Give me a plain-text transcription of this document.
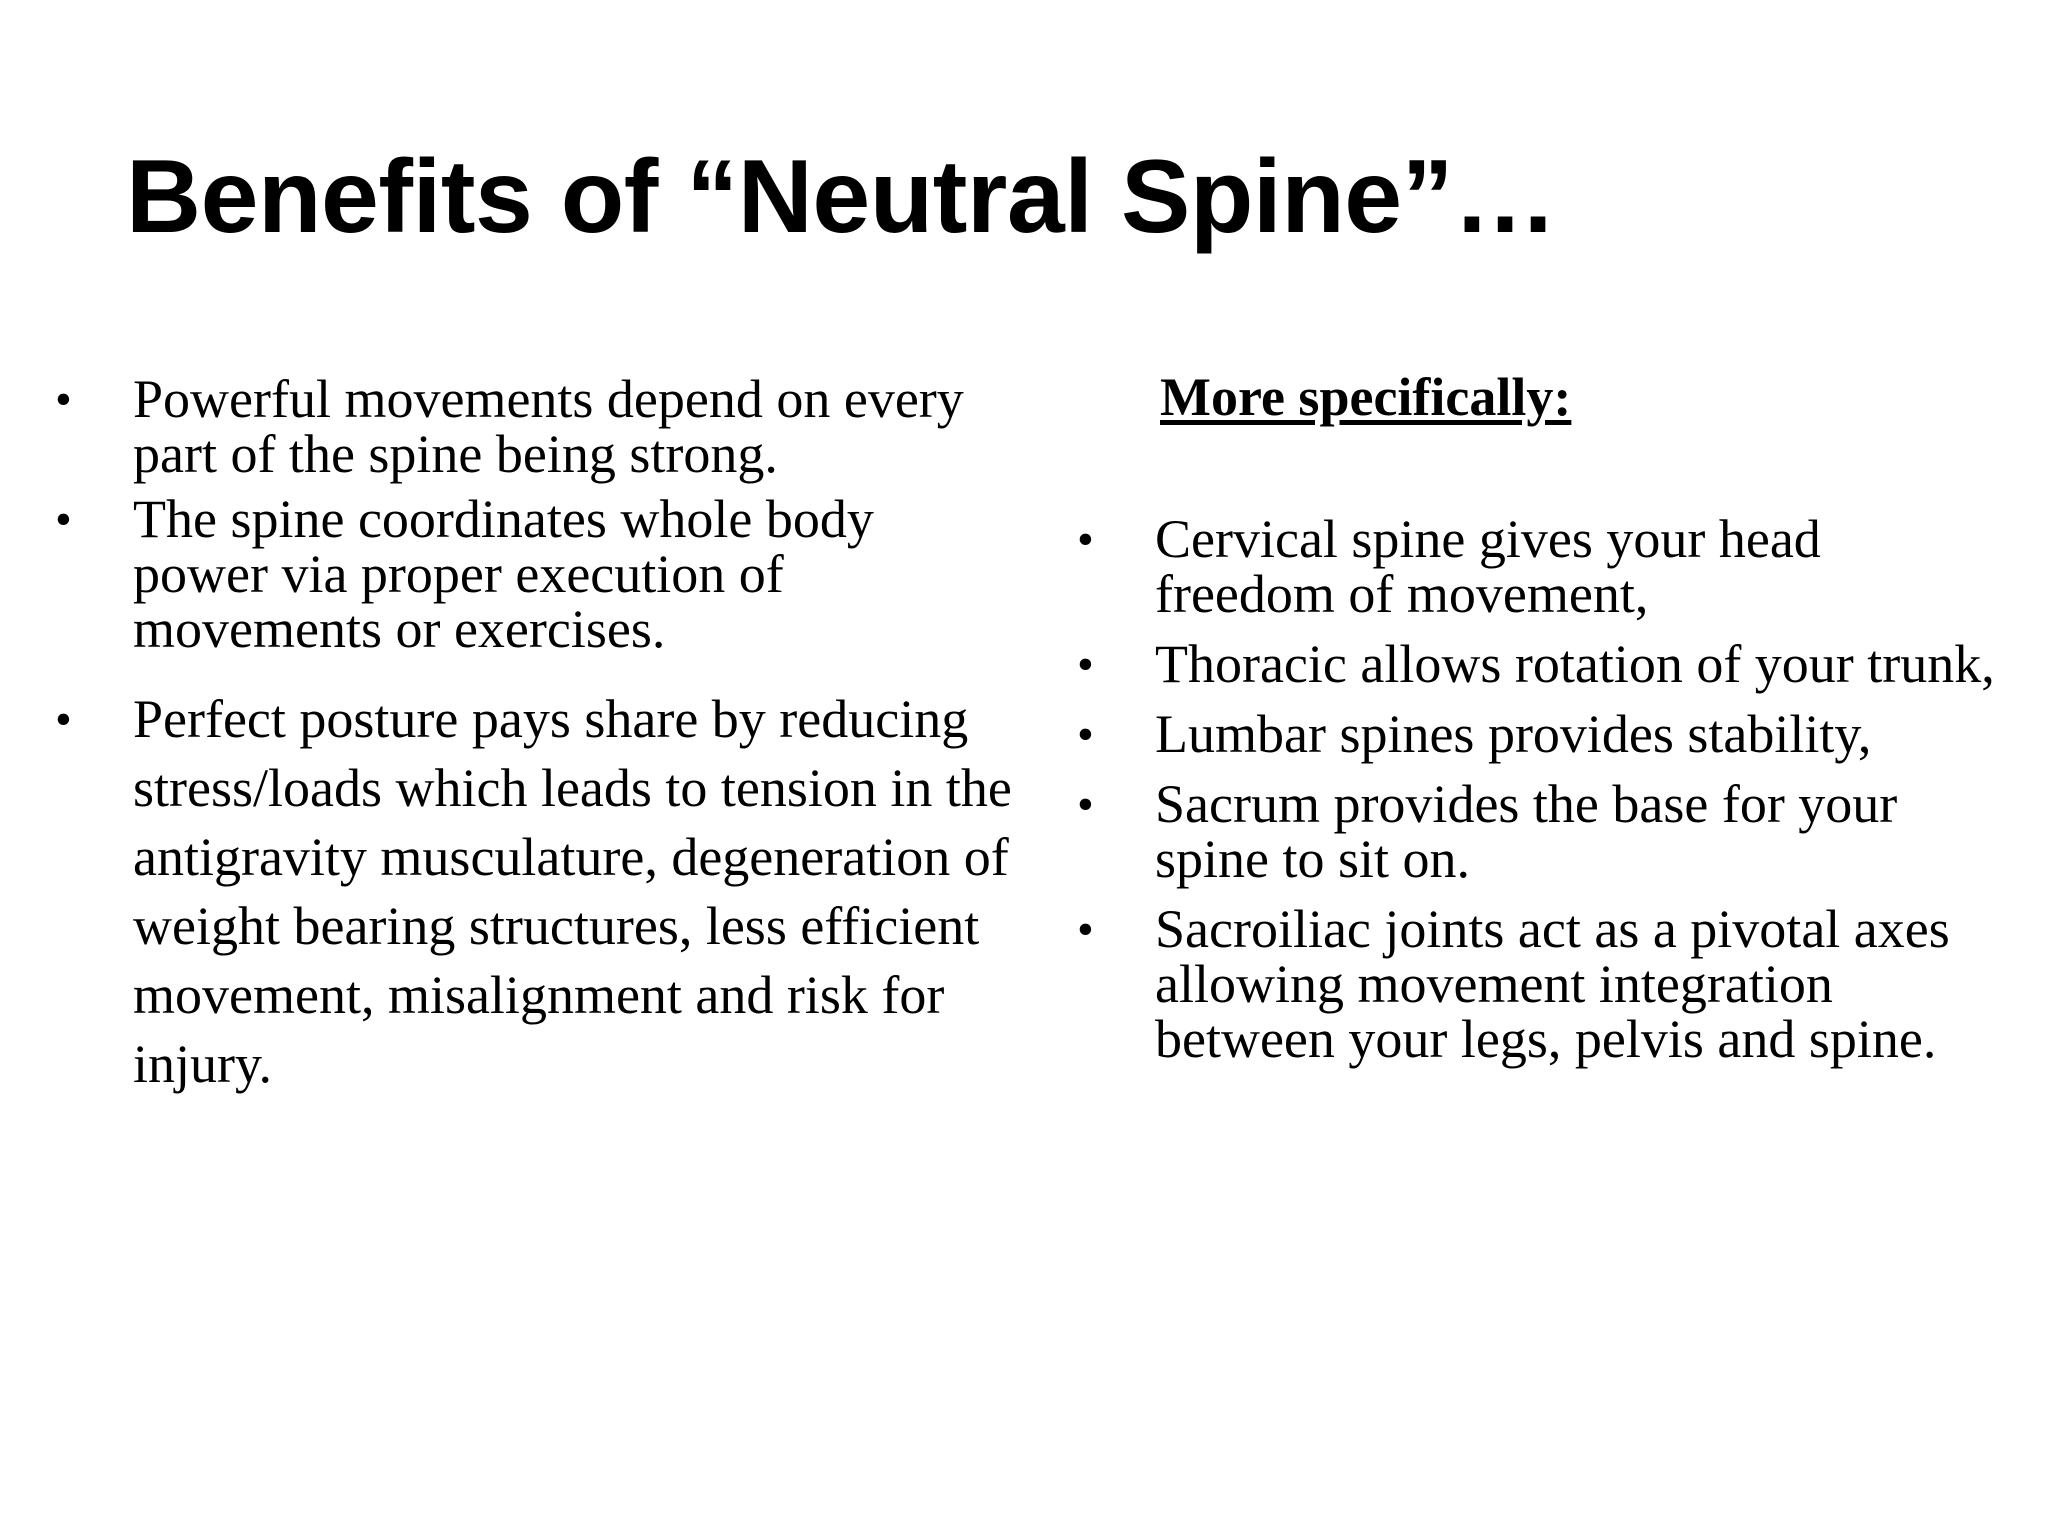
Benefits of “Neutral Spine”…
• Powerful movements depend on every part of the spine being strong.
• The spine coordinates whole body power via proper execution of movements or exercises.
• Perfect posture pays share by reducing stress/loads which leads to tension in the antigravity musculature, degeneration of weight bearing structures, less efficient movement, misalignment and risk for injury.
More specifically:
• Cervical spine gives your head freedom of movement,
• Thoracic allows rotation of your trunk,
• Lumbar spines provides stability,
• Sacrum provides the base for your spine to sit on.
• Sacroiliac joints act as a pivotal axes allowing movement integration between your legs, pelvis and spine.
